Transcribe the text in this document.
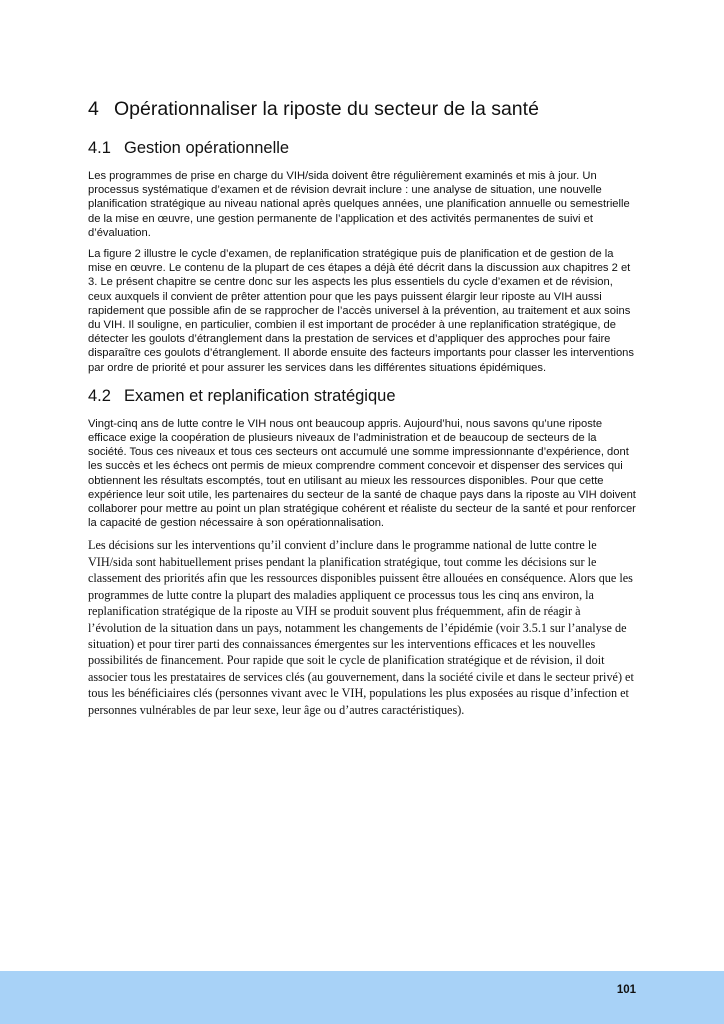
4 Opérationnaliser la riposte du secteur de la santé
4.1 Gestion opérationnelle

Les programmes de prise en charge du VIH/sida doivent être régulièrement examinés et mis à jour. Un processus systématique d’examen et de révision devrait inclure : une analyse de situation, une nouvelle planification stratégique au niveau national après quelques années, une planification annuelle ou semestrielle de la mise en œuvre, une gestion permanente de l’application et des activités permanentes de suivi et d’évaluation.

La figure 2 illustre le cycle d’examen, de replanification stratégique puis de planification et de gestion de la mise en œuvre. Le contenu de la plupart de ces étapes a déjà été décrit dans la discussion aux chapitres 2 et 3. Le présent chapitre se centre donc sur les aspects les plus essentiels du cycle d’examen et de révision, ceux auxquels il convient de prêter attention pour que les pays puissent élargir leur riposte au VIH aussi rapidement que possible afin de se rapprocher de l’accès universel à la prévention, au traitement et aux soins du VIH. Il souligne, en particulier, combien il est important de procéder à une replanification stratégique, de détecter les goulots d’étranglement dans la prestation de services et d’appliquer des approches pour faire disparaître ces goulots d’étranglement. Il aborde ensuite des facteurs importants pour classer les interventions par ordre de priorité et pour assurer les services dans les différentes situations épidémiques.

4.2 Examen et replanification stratégique

Vingt-cinq ans de lutte contre le VIH nous ont beaucoup appris. Aujourd’hui, nous savons qu’une riposte efficace exige la coopération de plusieurs niveaux de l’administration et de beaucoup de secteurs de la société. Tous ces niveaux et tous ces secteurs ont accumulé une somme impressionnante d’expérience, dont les succès et les échecs ont permis de mieux comprendre comment concevoir et dispenser des services qui obtiennent les résultats escomptés, tout en utilisant au mieux les ressources disponibles. Pour que cette expérience leur soit utile, les partenaires du secteur de la santé de chaque pays dans la riposte au VIH doivent collaborer pour mettre au point un plan stratégique cohérent et réaliste du secteur de la santé et pour renforcer la capacité de gestion nécessaire à son opérationnalisation.

Les décisions sur les interventions qu’il convient d’inclure dans le programme national de lutte contre le VIH/sida sont habituellement prises pendant la planification stratégique, tout comme les décisions sur le classement des priorités afin que les ressources disponibles puissent être allouées en conséquence. Alors que les programmes de lutte contre la plupart des maladies appliquent ce processus tous les cinq ans environ, la replanification stratégique de la riposte au VIH se produit souvent plus fréquemment, afin de réagir à l’évolution de la situation dans un pays, notamment les changements de l’épidémie (voir 3.5.1 sur l’analyse de situation) et pour tirer parti des connaissances émergentes sur les interventions efficaces et les nouvelles possibilités de financement. Pour rapide que soit le cycle de planification stratégique et de révision, il doit associer tous les prestataires de services clés (au gouvernement, dans la société civile et dans le secteur privé) et tous les bénéficiaires clés (personnes vivant avec le VIH, populations les plus exposées au risque d’infection et personnes vulnérables de par leur sexe, leur âge ou d’autres caractéristiques).

101
